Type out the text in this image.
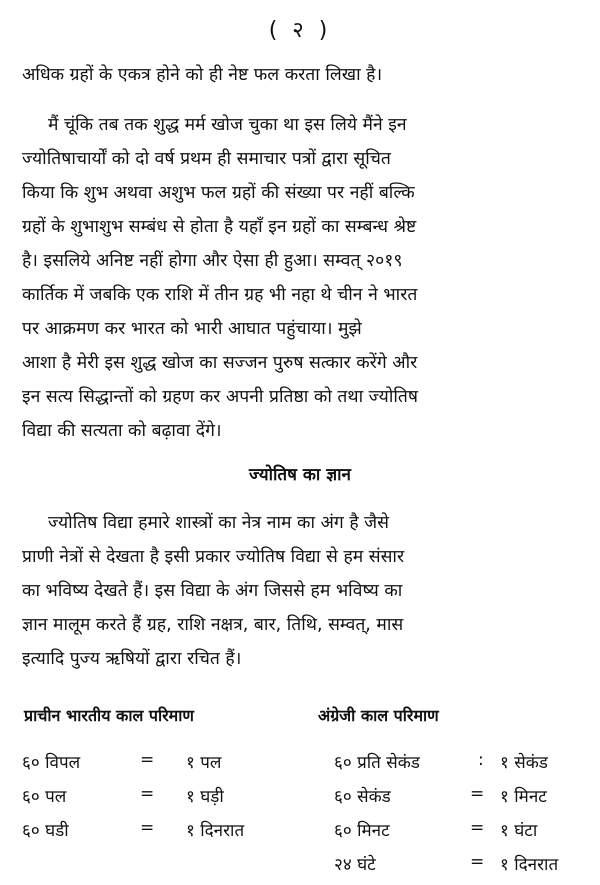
( २ )
अधिक ग्रहों के एकत्र होने को ही नेष्ट फल करता लिखा है।
मैं चूंकि तब तक शुद्ध मर्म खोज चुका था इस लिये मैंने इन
ज्योतिषाचार्यों को दो वर्ष प्रथम ही समाचार पत्रों द्वारा सूचित
किया कि शुभ अथवा अशुभ फल ग्रहों की संख्या पर नहीं बल्कि
ग्रहों के शुभाशुभ सम्बंध से होता है यहाँ इन ग्रहों का सम्बन्ध श्रेष्ट
है। इसलिये अनिष्ट नहीं होगा और ऐसा ही हुआ। सम्वत् २०१९
कार्तिक में जबकि एक राशि में तीन ग्रह भी नहा थे चीन ने भारत
पर आक्रमण कर भारत को भारी आघात पहुंचाया। मुझे
आशा है मेरी इस शुद्ध खोज का सज्जन पुरुष सत्कार करेंगे और
इन सत्य सिद्धान्तों को ग्रहण कर अपनी प्रतिष्ठा को तथा ज्योतिष
विद्या की सत्यता को बढ़ावा देंगे।
ज्योतिष का ज्ञान
ज्योतिष विद्या हमारे शास्त्रों का नेत्र नाम का अंग है जैसे
प्राणी नेत्रों से देखता है इसी प्रकार ज्योतिष विद्या से हम संसार
का भविष्य देखते हैं। इस विद्या के अंग जिससे हम भविष्य का
ज्ञान मालूम करते हैं ग्रह, राशि नक्षत्र, बार, तिथि, सम्वत्, मास
इत्यादि पुज्य ऋषियों द्वारा रचित हैं।
प्राचीन भारतीय काल परिमाण	अंग्रेजी काल परिमाण
६० विपल	= १ पल
६० पल	= १ घड़ी
६० घडी	= १ दिनरात
६० प्रति सेकंड	: १ सेकंड
६० सेकंड	= १ मिनट
६० मिनट	= १ घंटा
२४ घंटे	= १ दिनरात
